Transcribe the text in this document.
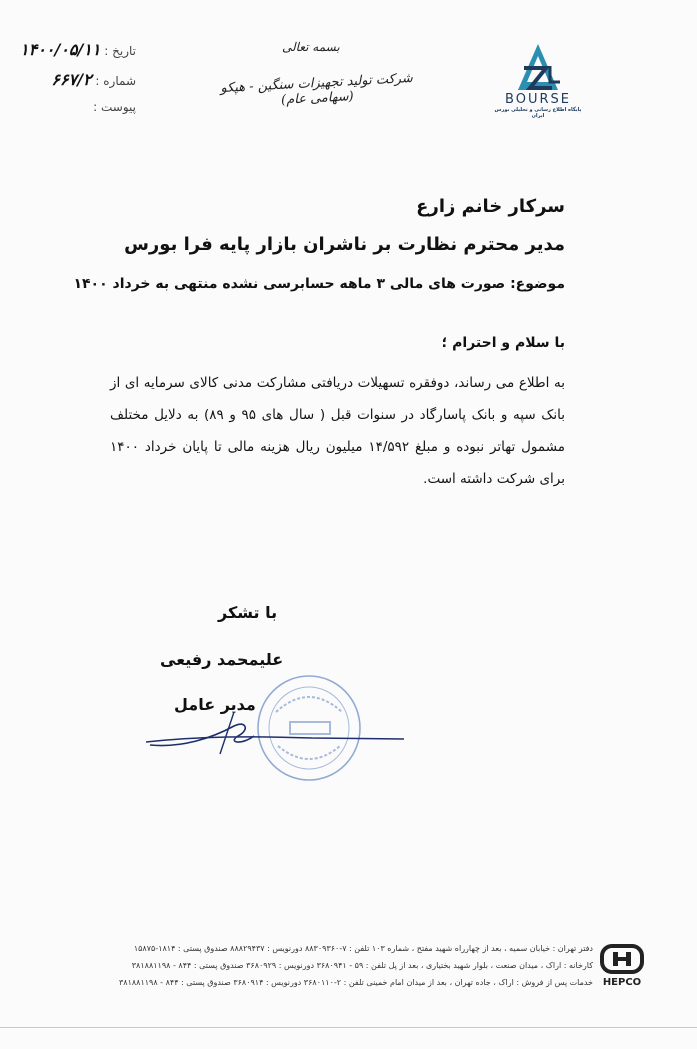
تاریخ : ۱۴۰۰/۰۵/۱۱
شماره : ۶۶۷/۲
پیوست :
بسمه تعالی
شرکت تولید تجهیزات سنگین - هپکو (سهامی عام)	BOURSE
پایگاه اطلاع رسانی و تحلیلی بورس ایران
سرکار خانم زارع
مدیر محترم نظارت بر ناشران بازار پایه فرا بورس
موضوع: صورت های مالی ۳ ماهه حسابرسی نشده منتهی به خرداد ۱۴۰۰
با سلام و احترام ؛
به اطلاع می رساند، دوفقره تسهیلات دریافتی مشارکت مدنی کالای سرمایه ای از بانک سپه و بانک پاسارگاد در سنوات قبل ( سال های ۹۵ و ۸۹) به دلایل مختلف مشمول تهاتر نبوده و مبلغ ۱۴/۵۹۲ میلیون ریال هزینه مالی تا پایان خرداد ۱۴۰۰ برای شرکت داشته است.
با تشکر
علیمحمد رفیعی
مدیر عامل
دفتر تهران : خیابان سمیه ، بعد از چهارراه شهید مفتح ، شماره ۱۰۳ تلفن : ۷-۸۸۳۰۹۳۶۰ دورنویس : ۸۸۸۲۹۴۳۷ صندوق پستی : ۱۸۱۴-۱۵۸۷۵
کارخانه : اراک ، میدان صنعت ، بلوار شهید بختیاری ، بعد از پل تلفن : ۵۹ - ۳۶۸۰۹۴۱ دورنویس : ۳۶۸۰۹۲۹ صندوق پستی : ۸۴۴ - ۳۸۱۸۸۱۱۹۸
خدمات پس از فروش : اراک ، جاده تهران ، بعد از میدان امام خمینی تلفن : ۲-۳۶۸۰۱۱۰ دورنویس : ۳۶۸۰۹۱۴ صندوق پستی : ۸۴۴ - ۳۸۱۸۸۱۱۹۸ HEPCO
